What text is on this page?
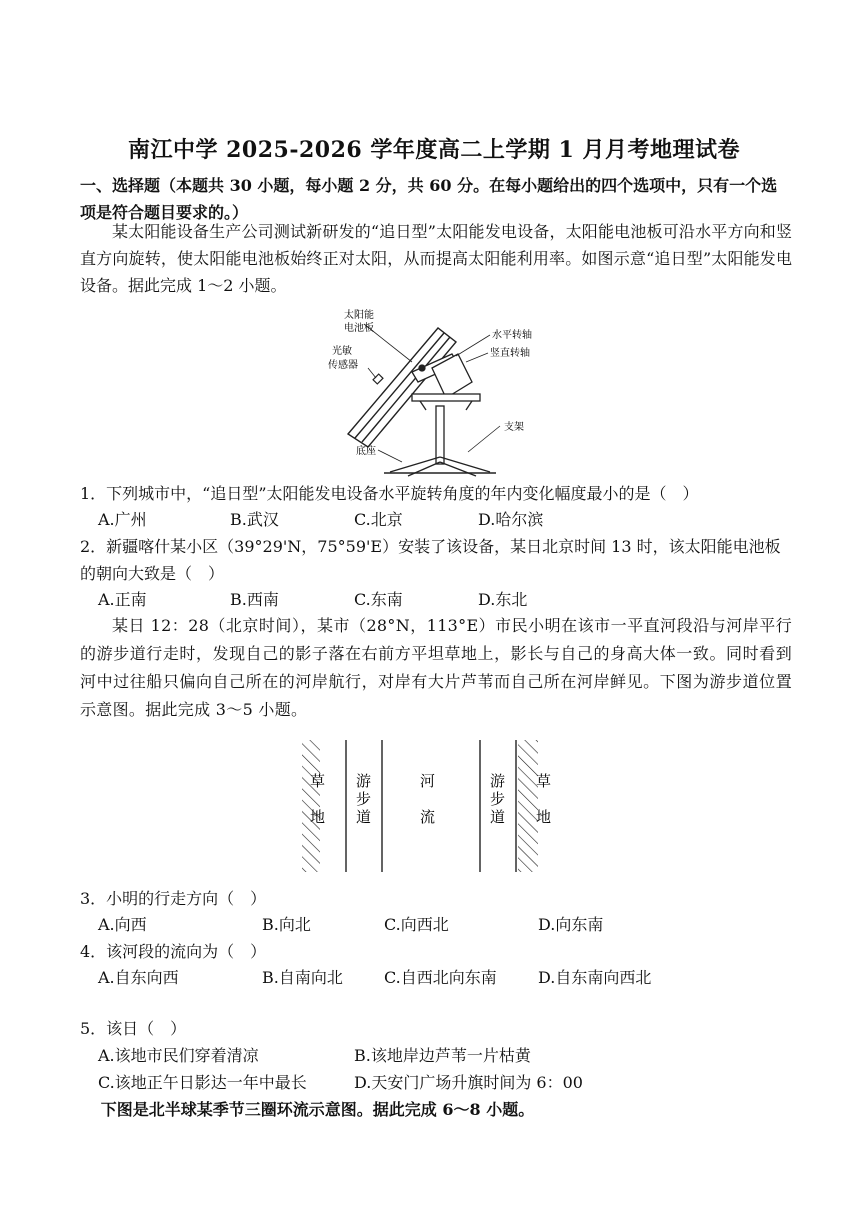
南江中学 2025-2026 学年度高二上学期 1 月月考地理试卷
一、选择题（本题共 30 小题，每小题 2 分，共 60 分。在每小题给出的四个选项中，只有一个选项是符合题目要求的。）
某太阳能设备生产公司测试新研发的“追日型”太阳能发电设备，太阳能电池板可沿水平方向和竖直方向旋转，使太阳能电池板始终正对太阳，从而提高太阳能利用率。如图示意“追日型”太阳能发电设备。据此完成 1～2 小题。
太阳能
电池板
光敏
传感器
水平转轴
竖直转轴
支架
底座
1．下列城市中，“追日型”太阳能发电设备水平旋转角度的年内变化幅度最小的是（　）
A.广州	B.武汉	C.北京	D.哈尔滨
2．新疆喀什某小区（39°29'N，75°59'E）安装了该设备，某日北京时间 13 时，该太阳能电池板的朝向大致是（　）
A.正南	B.西南	C.东南	D.东北
某日 12：28（北京时间），某市（28°N，113°E）市民小明在该市一平直河段沿与河岸平行的游步道行走时，发现自己的影子落在右前方平坦草地上，影长与自己的身高大体一致。同时看到河中过往船只偏向自己所在的河岸航行，对岸有大片芦苇而自己所在河岸鲜见。下图为游步道位置示意图。据此完成 3～5 小题。
草
地
游
步
道
河
流
游
步
道
草
地
3．小明的行走方向（　）
A.向西	B.向北	C.向西北	D.向东南
4．该河段的流向为（　）
A.自东向西	B.自南向北	C.自西北向东南	D.自东南向西北
5．该日（　）
A.该地市民们穿着清凉	B.该地岸边芦苇一片枯黄
C.该地正午日影达一年中最长	D.天安门广场升旗时间为 6：00
下图是北半球某季节三圈环流示意图。据此完成 6～8 小题。
